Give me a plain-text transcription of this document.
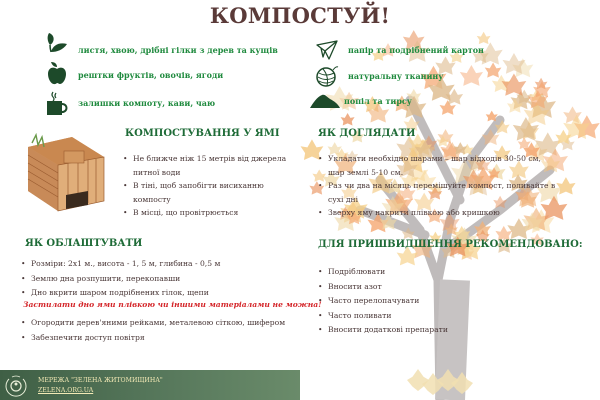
КОМПОСТУЙ!
листя, хвою, дрібні гілки з дерев та кущів
рештки фруктів, овочів, ягоди
залишки компоту, кави, чаю
папір та подрібнений картон
натуральну тканину
попіл та тирсу
КОМПОСТУВАННЯ У ЯМІ
• Не ближче ніж 15 метрів від джерела питної води
• В тіні, щоб запобігти висиханню компосту
• В місці, що провітрюється
ЯК ОБЛАШТУВАТИ
• Розміри: 2х1 м., висота - 1, 5 м, глибина - 0,5 м
• Землю дна розпушити, перекопавши
• Дно вкрити шаром подрібнених гілок, щепи
Застилати дно ями плівкою чи іншими матеріалами не можна!
• Огородити дерев'яними рейками, металевою сіткою, шифером
• Забезпечити доступ повітря
ЯК ДОГЛЯДАТИ
• Укладати необхідно шарами – шар відходів 30-50 см, шар землі 5-10 см.
• Раз чи два на місяць перемішуйте компост, поливайте в сухі дні
• Зверху яму накрити плівкою або кришкою
ДЛЯ ПРИШВИДШЕННЯ РЕКОМЕНДОВАНО:
• Подріблювати
• Вносити азот
• Часто перелопачувати
• Часто поливати
• Вносити додаткові препарати
МЕРЕЖА "ЗЕЛЕНА ЖИТОМИЩИНА"
ZELENA.ORG.UA
